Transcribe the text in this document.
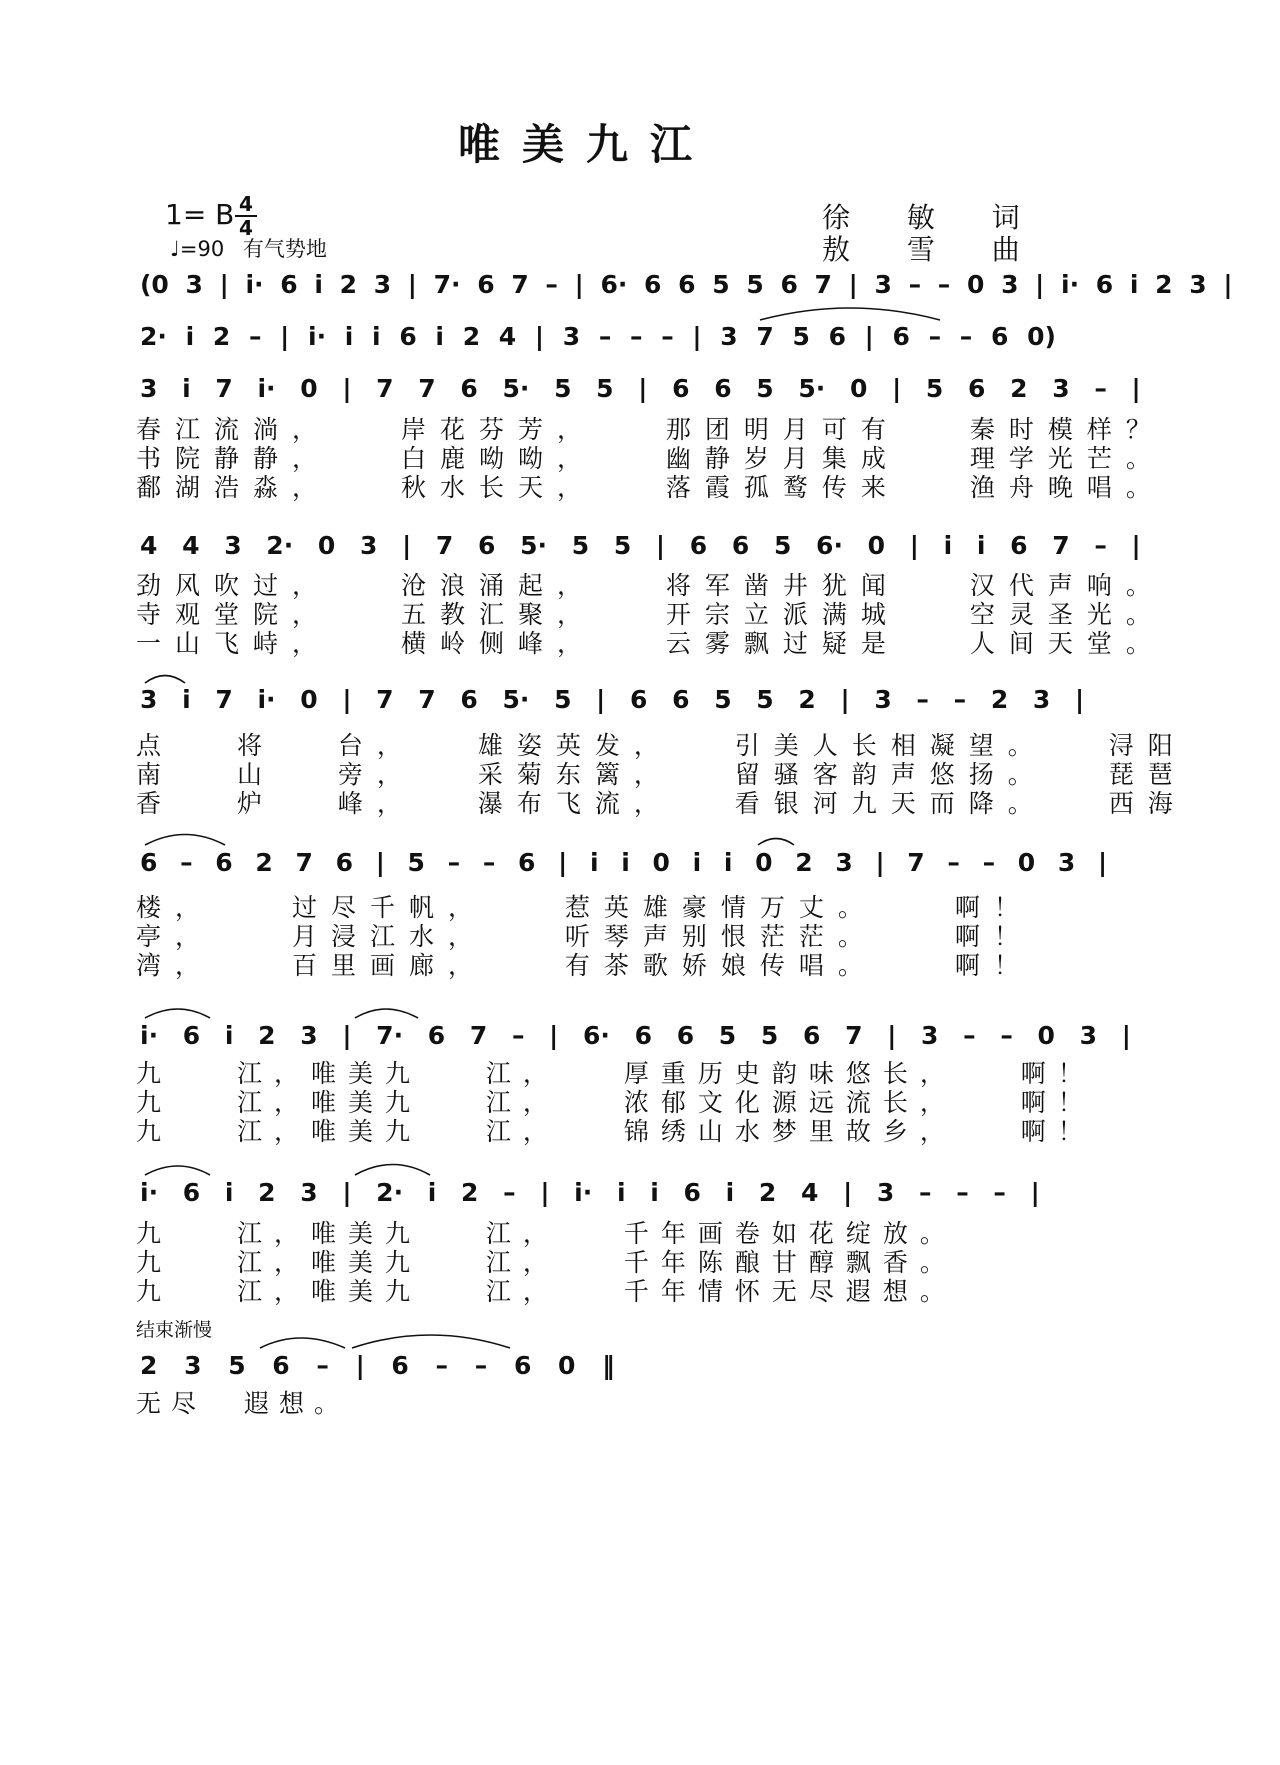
唯美九江
1= B 4
4
♩=90 有气势地
徐 敏 词
敖 雪 曲
(0 3 | i· 6 i 2 3 | 7· 6 7 – | 6· 6 6 5 5 6 7 | 3 – – 0 3 | i· 6 i 2 3 |
2· i 2 – | i· i i 6 i 2 4 | 3 – – – | 3 7 5 6 | 6 – – 6 0)
3 i 7 i· 0 | 7 7 6 5· 5 5 | 6 6 5 5· 0 | 5 6 2 3 – |
春江流淌， 岸花芬芳， 那团明月可有 秦时模样？
书院静静， 白鹿呦呦， 幽静岁月集成 理学光芒。
鄱湖浩淼， 秋水长天， 落霞孤鹜传来 渔舟晚唱。
4 4 3 2· 0 3 | 7 6 5· 5 5 | 6 6 5 6· 0 | i i 6 7 – |
劲风吹过， 沧浪涌起， 将军凿井犹闻 汉代声响。
寺观堂院， 五教汇聚， 开宗立派满城 空灵圣光。
一山飞峙， 横岭侧峰， 云雾飘过疑是 人间天堂。
3 i 7 i· 0 | 7 7 6 5· 5 | 6 6 5 5 2 | 3 – – 2 3 |
点 将 台， 雄姿英发， 引美人长相凝望。 浔阳
南 山 旁， 采菊东篱， 留骚客韵声悠扬。 琵琶
香 炉 峰， 瀑布飞流， 看银河九天而降。 西海
6 – 6 2 7 6 | 5 – – 6 | i i 0 i i 0 2 3 | 7 – – 0 3 |
楼， 过尽千帆， 惹英雄豪情万丈。 啊！
亭， 月浸江水， 听琴声别恨茫茫。 啊！
湾， 百里画廊， 有茶歌娇娘传唱。 啊！
i· 6 i 2 3 | 7· 6 7 – | 6· 6 6 5 5 6 7 | 3 – – 0 3 |
九 江，唯美九 江， 厚重历史韵味悠长， 啊！
九 江，唯美九 江， 浓郁文化源远流长， 啊！
九 江，唯美九 江， 锦绣山水梦里故乡， 啊！
i· 6 i 2 3 | 2· i 2 – | i· i i 6 i 2 4 | 3 – – – |
九 江，唯美九 江， 千年画卷如花绽放。
九 江，唯美九 江， 千年陈酿甘醇飘香。
九 江，唯美九 江， 千年情怀无尽遐想。
结束渐慢
2 3 5 6 – | 6 – – 6 0 ‖
无尽 遐想。
